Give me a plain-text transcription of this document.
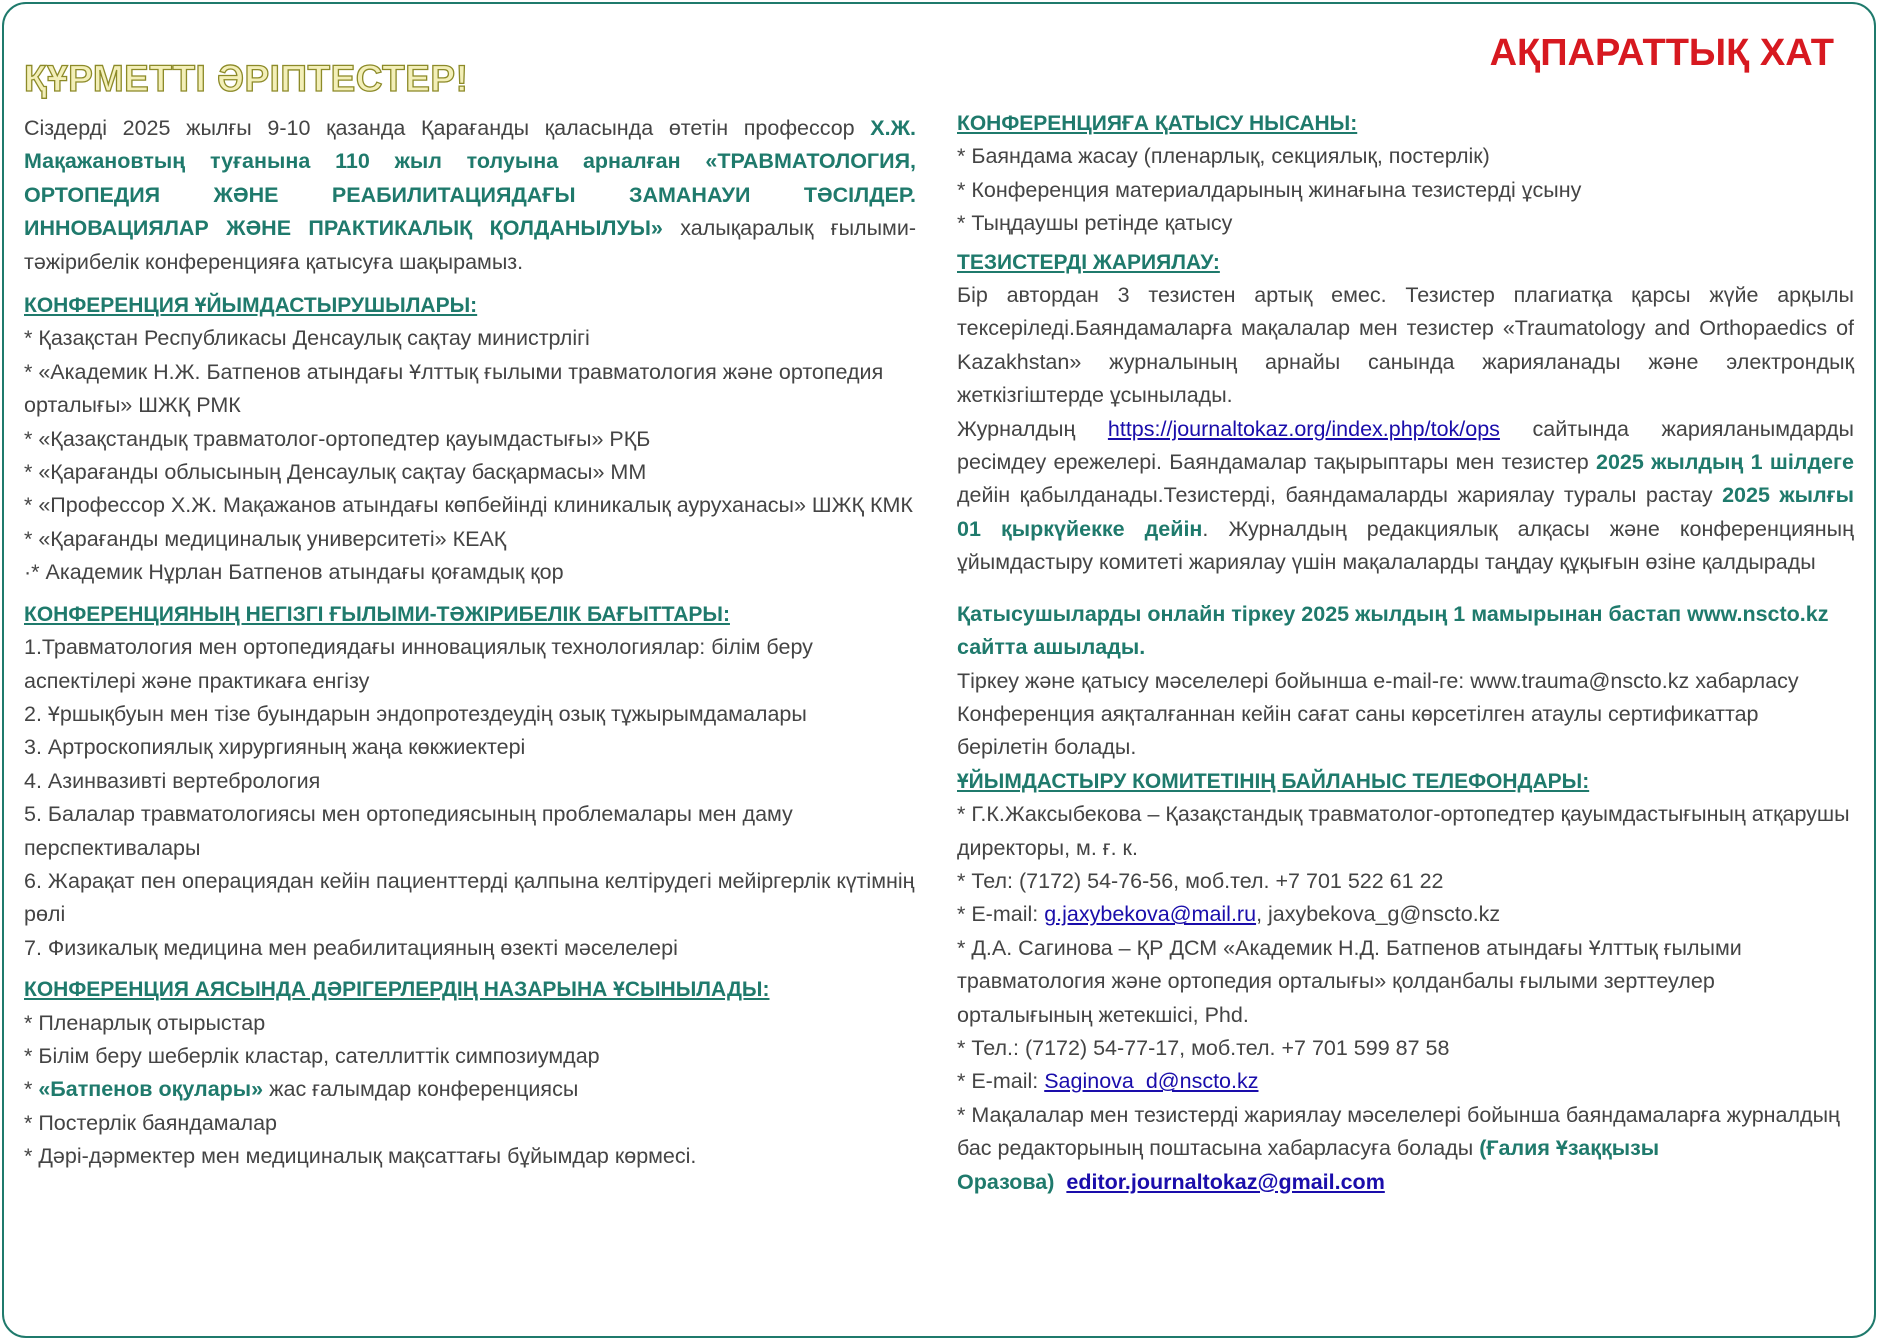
ҚҰРМЕТТІ ӘРІПТЕСТЕР!
АҚПАРАТТЫҚ ХАТ

Сіздерді 2025 жылғы 9-10 қазанда Қарағанды қаласында өтетін профессор Х.Ж. Мақажановтың туғанына 110 жыл толуына арналған «ТРАВМАТОЛОГИЯ, ОРТОПЕДИЯ ЖӘНЕ РЕАБИЛИТАЦИЯДАҒЫ ЗАМАНАУИ ТӘСІЛДЕР. ИННОВАЦИЯЛАР ЖӘНЕ ПРАКТИКАЛЫҚ ҚОЛДАНЫЛУЫ» халықаралық ғылыми- тәжірибелік конференцияға қатысуға шақырамыз.

КОНФЕРЕНЦИЯ ҰЙЫМДАСТЫРУШЫЛАРЫ:

* Қазақстан Республикасы Денсаулық сақтау министрлігі

* «Академик Н.Ж. Батпенов атындағы Ұлттық ғылыми травматология және ортопедия орталығы» ШЖҚ РМК

* «Қазақстандық травматолог-ортопедтер қауымдастығы» РҚБ

* «Қарағанды облысының Денсаулық сақтау басқармасы» ММ

* «Профессор Х.Ж. Мақажанов атындағы көпбейінді клиникалық ауруханасы» ШЖҚ КМК

* «Қарағанды медициналық университеті» КЕАҚ

·* Академик Нұрлан Батпенов атындағы қоғамдық қор

КОНФЕРЕНЦИЯНЫҢ НЕГІЗГІ ҒЫЛЫМИ-ТӘЖІРИБЕЛІК БАҒЫТТАРЫ:

1.Травматология мен ортопедиядағы инновациялық технологиялар: білім беру аспектілері және практикаға енгізу

2. Ұршықбуын мен тізе буындарын эндопротездеудің озық тұжырымдамалары

3. Артроскопиялық хирургияның жаңа көкжиектері

4. Азинвазивті вертебрология

5. Балалар травматологиясы мен ортопедиясының проблемалары мен даму перспективалары

6. Жарақат пен операциядан кейін пациенттерді қалпына келтірудегі мейіргерлік күтімнің рөлі

7. Физикалық медицина мен реабилитацияның өзекті мәселелері

КОНФЕРЕНЦИЯ АЯСЫНДА ДӘРІГЕРЛЕРДІҢ НАЗАРЫНА ҰСЫНЫЛАДЫ:

* Пленарлық отырыстар

* Білім беру шеберлік кластар, сателлиттік симпозиумдар

* «Батпенов оқулары» жас ғалымдар конференциясы

* Постерлік баяндамалар

* Дәрі-дәрмектер мен медициналық мақсаттағы бұйымдар көрмесі.

КОНФЕРЕНЦИЯҒА ҚАТЫСУ НЫСАНЫ:

* Баяндама жасау (пленарлық, секциялық, постерлік)

* Конференция материалдарының жинағына тезистерді ұсыну

* Тыңдаушы ретінде қатысу

ТЕЗИСТЕРДІ ЖАРИЯЛАУ:

Бір автордан 3 тезистен артық емес. Тезистер плагиатқа қарсы жүйе арқылы тексеріледі.Баяндамаларға мақалалар мен тезистер «Traumatology and Orthopaedics of Kazakhstan» журналының арнайы санында жарияланады және электрондық жеткізгіштерде ұсынылады.

Журналдың https://journaltokaz.org/index.php/tok/ops сайтында жарияланымдарды ресімдеу ережелері. Баяндамалар тақырыптары мен тезистер 2025 жылдың 1 шілдеге дейін қабылданады.Тезистерді, баяндамаларды жариялау туралы растау 2025 жылғы 01 қыркүйекке дейін. Журналдың редакциялық алқасы және конференцияның ұйымдастыру комитеті жариялау үшін мақалаларды таңдау құқығын өзіне қалдырады

Қатысушыларды онлайн тіркеу 2025 жылдың 1 мамырынан бастап www.nscto.kz сайтта ашылады.

Тіркеу және қатысу мәселелері бойынша e-mail-ге: www.trauma@nscto.kz хабарласу

Конференция аяқталғаннан кейін сағат саны көрсетілген атаулы сертификаттар берілетін болады.

ҰЙЫМДАСТЫРУ КОМИТЕТІНІҢ БАЙЛАНЫС ТЕЛЕФОНДАРЫ:

* Г.К.Жаксыбекова – Қазақстандық травматолог-ортопедтер қауымдастығының атқарушы директоры, м. ғ. к.

* Тел: (7172) 54-76-56, моб.тел. +7 701 522 61 22

* E-mail: g.jaxybekova@mail.ru, jaxybekova_g@nscto.kz

* Д.А. Сагинова – ҚР ДСМ «Академик Н.Д. Батпенов атындағы Ұлттық ғылыми травматология және ортопедия орталығы» қолданбалы ғылыми зерттеулер орталығының жетекшісі, Phd.

* Тел.: (7172) 54-77-17, моб.тел. +7 701 599 87 58

* E-mail: Saginova_d@nscto.kz

* Мақалалар мен тезистерді жариялау мәселелері бойынша баяндамаларға журналдың бас редакторының поштасына хабарласуға болады (Ғалия Ұзаққызы Оразова) editor.journaltokaz@gmail.com
